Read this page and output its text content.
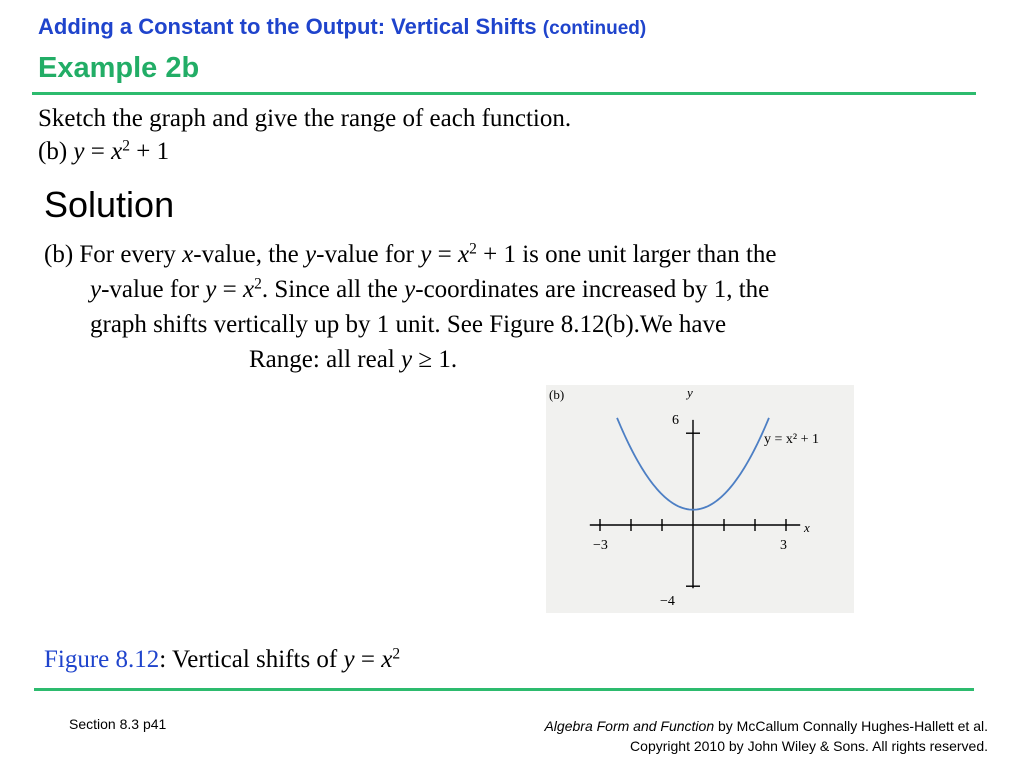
Adding a Constant to the Output: Vertical Shifts (continued)
Example 2b
Sketch the graph and give the range of each function.
(b) $y = x^2 + 1$
Solution
(b) For every x-value, the y-value for $y = x^2 + 1$ is one unit larger than the
y-value for $y = x^2$. Since all the y-coordinates are increased by 1, the
graph shifts vertically up by 1 unit. See Figure 8.12(b).We have
Range: all real y ≥ 1.
(b)	y
x
6
−4
−3	3
y = x² + 1
Figure 8.12: Vertical shifts of $y = x^2$
Section 8.3 p41	Algebra Form and Function by McCallum Connally Hughes-Hallett et al.
Copyright 2010 by John Wiley & Sons. All rights reserved.
